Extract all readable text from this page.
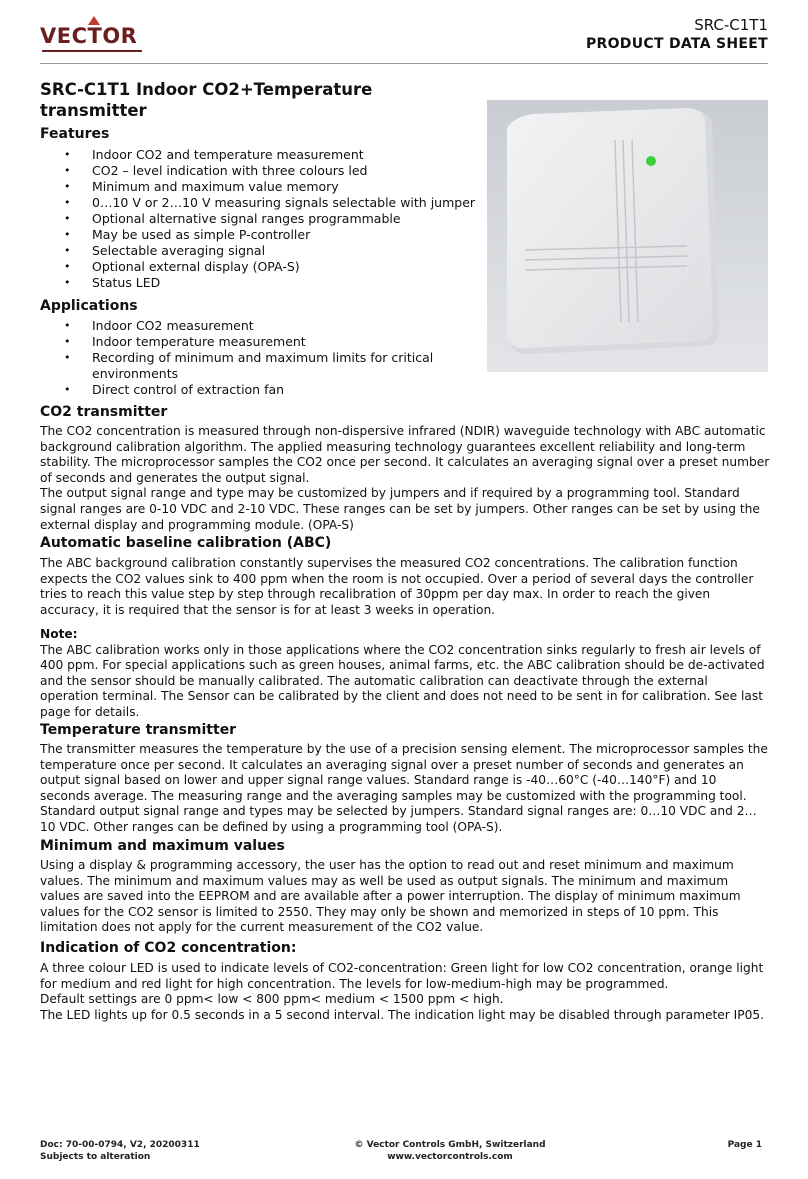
VECTOR	SRC-C1T1
PRODUCT DATA SHEET
SRC-C1T1 Indoor CO2+Temperature transmitter
Features
• Indoor CO2 and temperature measurement
• CO2 – level indication with three colours led
• Minimum and maximum value memory
• 0…10 V or 2…10 V measuring signals selectable with jumper
• Optional alternative signal ranges programmable
• May be used as simple P-controller
• Selectable averaging signal
• Optional external display (OPA-S)
• Status LED
Applications
• Indoor CO2 measurement
• Indoor temperature measurement
• Recording of minimum and maximum limits for critical environments
• Direct control of extraction fan
CO2 transmitter

The CO2 concentration is measured through non-dispersive infrared (NDIR) waveguide technology with ABC automatic background calibration algorithm. The applied measuring technology guarantees excellent reliability and long-term stability. The microprocessor samples the CO2 once per second. It calculates an averaging signal over a preset number of seconds and generates the output signal.

The output signal range and type may be customized by jumpers and if required by a programming tool. Standard signal ranges are 0-10 VDC and 2-10 VDC. These ranges can be set by jumpers. Other ranges can be set by using the external display and programming module. (OPA-S)

Automatic baseline calibration (ABC)

The ABC background calibration constantly supervises the measured CO2 concentrations. The calibration function expects the CO2 values sink to 400 ppm when the room is not occupied. Over a period of several days the controller tries to reach this value step by step through recalibration of 30ppm per day max. In order to reach the given accuracy, it is required that the sensor is for at least 3 weeks in operation.

Note:

The ABC calibration works only in those applications where the CO2 concentration sinks regularly to fresh air levels of 400 ppm. For special applications such as green houses, animal farms, etc. the ABC calibration should be de-activated and the sensor should be manually calibrated. The automatic calibration can deactivate through the external operation terminal. The Sensor can be calibrated by the client and does not need to be sent in for calibration. See last page for details.

Temperature transmitter

The transmitter measures the temperature by the use of a precision sensing element. The microprocessor samples the temperature once per second. It calculates an averaging signal over a preset number of seconds and generates an output signal based on lower and upper signal range values. Standard range is -40…60°C (-40…140°F) and 10 seconds average. The measuring range and the averaging samples may be customized with the programming tool.

Standard output signal range and types may be selected by jumpers. Standard signal ranges are: 0…10 VDC and 2…10 VDC. Other ranges can be defined by using a programming tool (OPA-S).

Minimum and maximum values

Using a display & programming accessory, the user has the option to read out and reset minimum and maximum values. The minimum and maximum values may as well be used as output signals. The minimum and maximum values are saved into the EEPROM and are available after a power interruption. The display of minimum maximum values for the CO2 sensor is limited to 2550. They may only be shown and memorized in steps of 10 ppm. This limitation does not apply for the current measurement of the CO2 value.

Indication of CO2 concentration:

A three colour LED is used to indicate levels of CO2-concentration: Green light for low CO2 concentration, orange light for medium and red light for high concentration. The levels for low-medium-high may be programmed.

Default settings are 0 ppm< low < 800 ppm< medium < 1500 ppm < high.

The LED lights up for 0.5 seconds in a 5 second interval. The indication light may be disabled through parameter IP05.

Doc: 70-00-0794, V2, 20200311
Subjects to alteration
© Vector Controls GmbH, Switzerland
www.vectorcontrols.com
Page 1
